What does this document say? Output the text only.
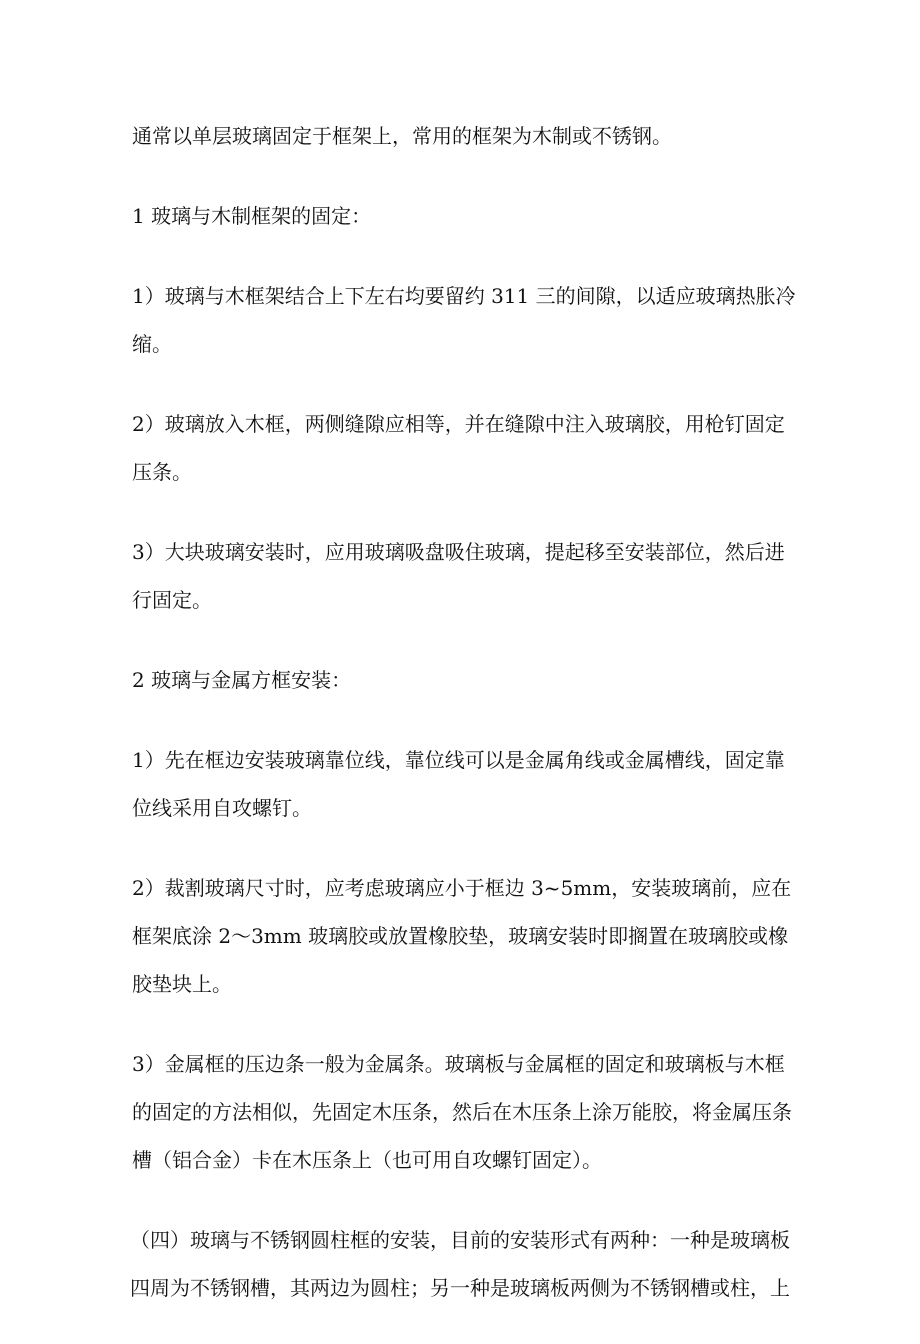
通常以单层玻璃固定于框架上，常用的框架为木制或不锈钢。

1 玻璃与木制框架的固定：

1）玻璃与木框架结合上下左右均要留约 311 三的间隙，以适应玻璃热胀冷缩。

2）玻璃放入木框，两侧缝隙应相等，并在缝隙中注入玻璃胶，用枪钉固定压条。

3）大块玻璃安装时，应用玻璃吸盘吸住玻璃，提起移至安装部位，然后进行固定。

2 玻璃与金属方框安装：

1）先在框边安装玻璃靠位线，靠位线可以是金属角线或金属槽线，固定靠位线采用自攻螺钉。

2）裁割玻璃尺寸时，应考虑玻璃应小于框边 3~5mm，安装玻璃前，应在框架底涂 2～3mm 玻璃胶或放置橡胶垫，玻璃安装时即搁置在玻璃胶或橡胶垫块上。

3）金属框的压边条一般为金属条。玻璃板与金属框的固定和玻璃板与木框的固定的方法相似，先固定木压条，然后在木压条上涂万能胶，将金属压条槽（铝合金）卡在木压条上（也可用自攻螺钉固定）。

（四）玻璃与不锈钢圆柱框的安装，目前的安装形式有两种：一种是玻璃板四周为不锈钢槽，其两边为圆柱；另一种是玻璃板两侧为不锈钢槽或柱，上
